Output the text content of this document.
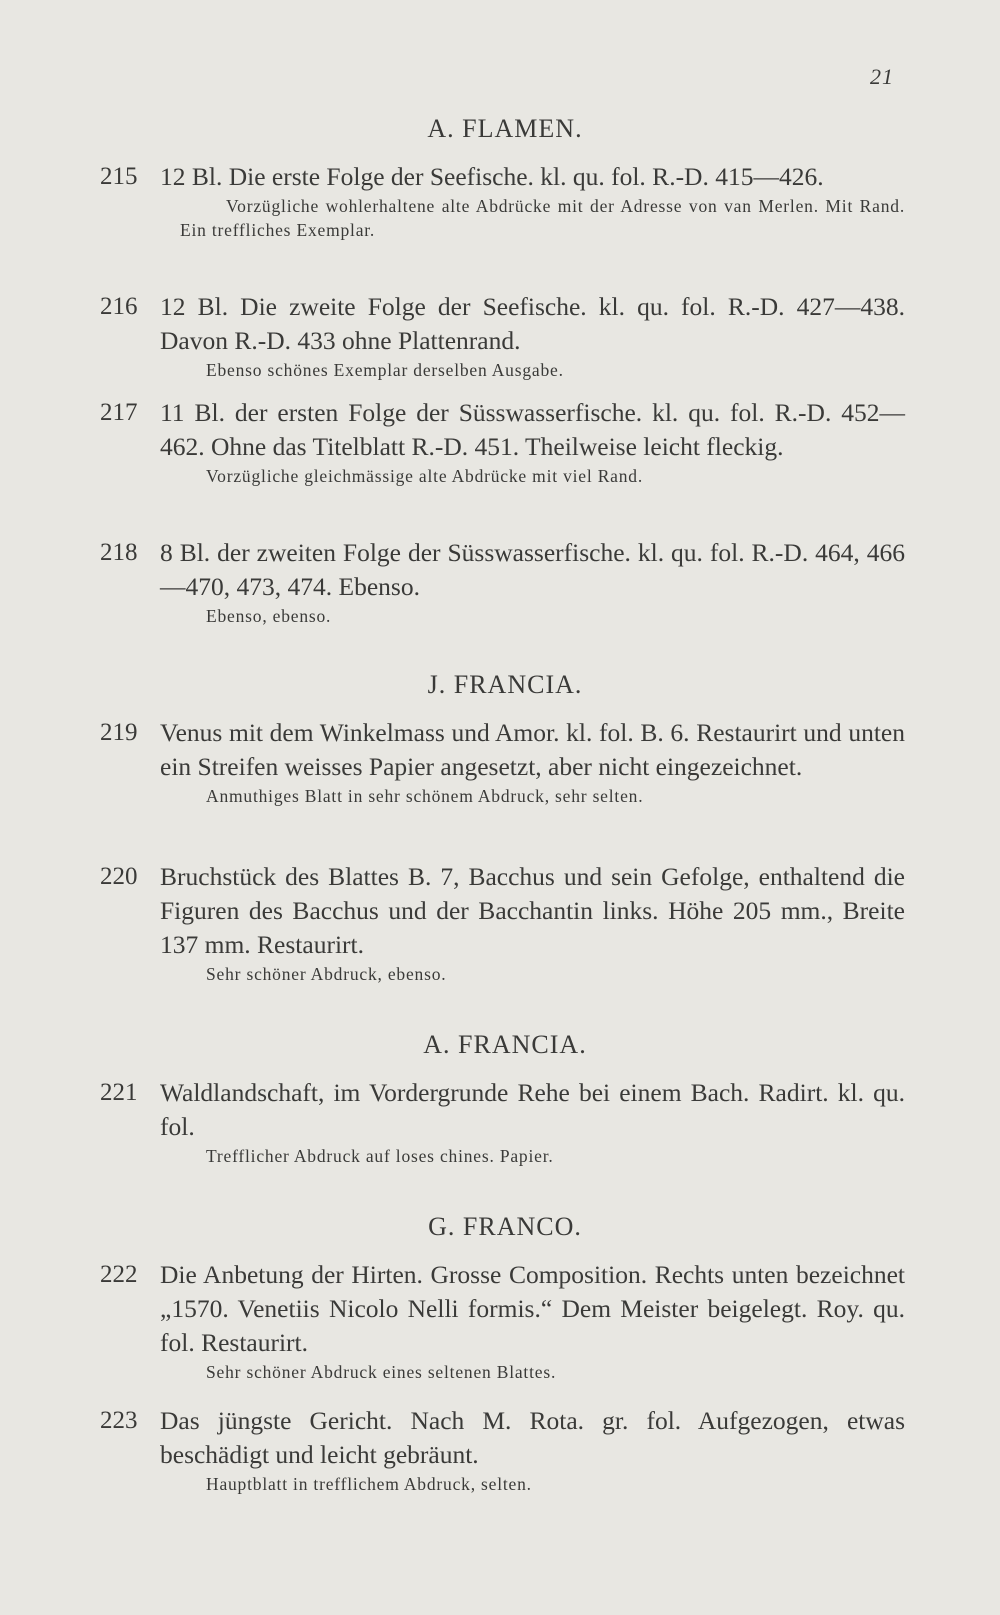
21
A. FLAMEN.
215 12 Bl. Die erste Folge der Seefische. kl. qu. fol. R.-D. 415—426.
Vorzügliche wohlerhaltene alte Abdrücke mit der Adresse von van Merlen. Mit Rand. Ein treffliches Exemplar.
216 12 Bl. Die zweite Folge der Seefische. kl. qu. fol. R.-D. 427—438. Davon R.-D. 433 ohne Plattenrand.
Ebenso schönes Exemplar derselben Ausgabe.
217 11 Bl. der ersten Folge der Süsswasserfische. kl. qu. fol. R.-D. 452—462. Ohne das Titelblatt R.-D. 451. Theilweise leicht fleckig.
Vorzügliche gleichmässige alte Abdrücke mit viel Rand.
218 8 Bl. der zweiten Folge der Süsswasserfische. kl. qu. fol. R.-D. 464, 466—470, 473, 474. Ebenso.
Ebenso, ebenso.
J. FRANCIA.
219 Venus mit dem Winkelmass und Amor. kl. fol. B. 6. Restaurirt und unten ein Streifen weisses Papier angesetzt, aber nicht eingezeichnet.
Anmuthiges Blatt in sehr schönem Abdruck, sehr selten.
220 Bruchstück des Blattes B. 7, Bacchus und sein Gefolge, enthaltend die Figuren des Bacchus und der Bacchantin links. Höhe 205 mm., Breite 137 mm. Restaurirt.
Sehr schöner Abdruck, ebenso.
A. FRANCIA.
221 Waldlandschaft, im Vordergrunde Rehe bei einem Bach. Radirt. kl. qu. fol.
Trefflicher Abdruck auf loses chines. Papier.
G. FRANCO.
222 Die Anbetung der Hirten. Grosse Composition. Rechts unten bezeichnet „1570. Venetiis Nicolo Nelli formis.“ Dem Meister beigelegt. Roy. qu. fol. Restaurirt.
Sehr schöner Abdruck eines seltenen Blattes.
223 Das jüngste Gericht. Nach M. Rota. gr. fol. Aufgezogen, etwas beschädigt und leicht gebräunt.
Hauptblatt in trefflichem Abdruck, selten.
